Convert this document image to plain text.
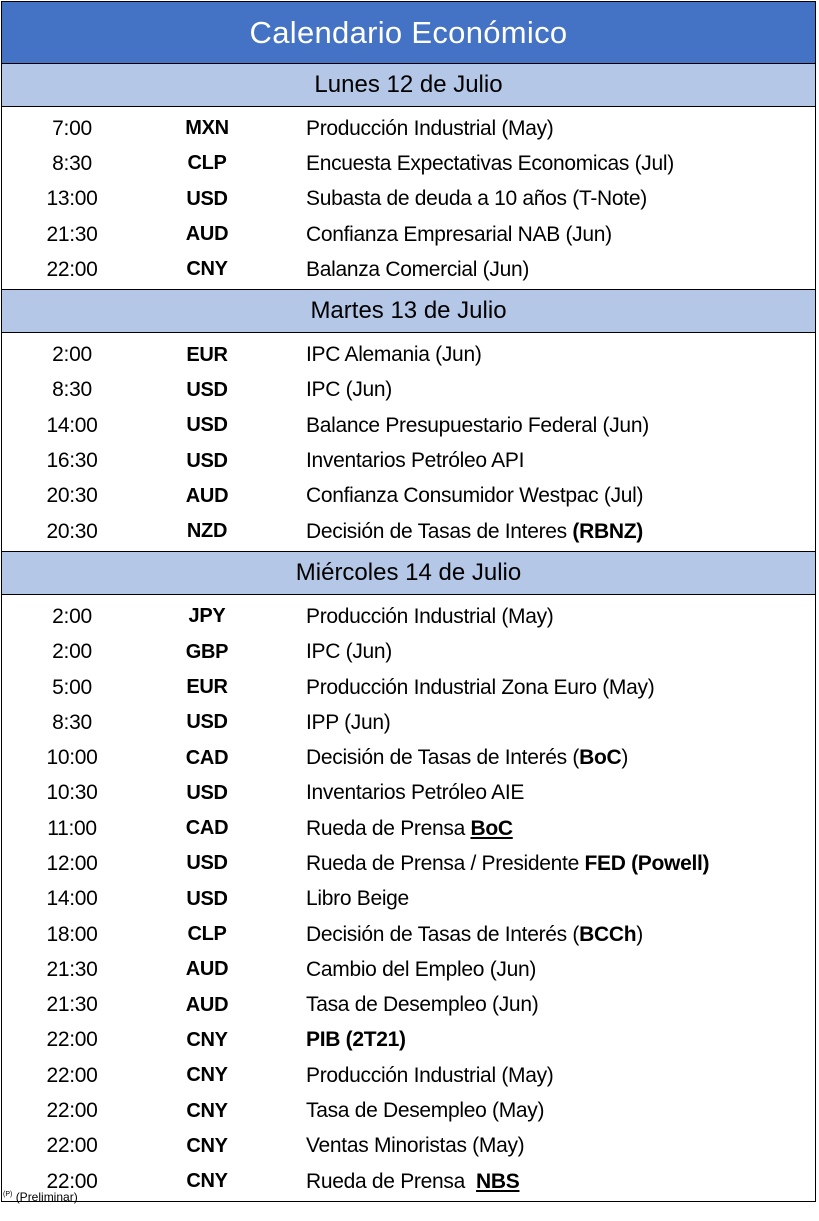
Calendario Económico
Lunes 12 de Julio
7:00	MXN	Producción Industrial (May)
8:30	CLP	Encuesta Expectativas Economicas (Jul)
13:00	USD	Subasta de deuda a 10 años (T-Note)
21:30	AUD	Confianza Empresarial NAB (Jun)
22:00	CNY	Balanza Comercial (Jun)
Martes 13 de Julio
2:00	EUR	IPC Alemania (Jun)
8:30	USD	IPC (Jun)
14:00	USD	Balance Presupuestario Federal (Jun)
16:30	USD	Inventarios Petróleo API
20:30	AUD	Confianza Consumidor Westpac (Jul)
20:30	NZD	Decisión de Tasas de Interes (RBNZ)
Miércoles 14 de Julio
2:00	JPY	Producción Industrial (May)
2:00	GBP	IPC (Jun)
5:00	EUR	Producción Industrial Zona Euro (May)
8:30	USD	IPP (Jun)
10:00	CAD	Decisión de Tasas de Interés (BoC)
10:30	USD	Inventarios Petróleo AIE
11:00	CAD	Rueda de Prensa BoC
12:00	USD	Rueda de Prensa / Presidente FED (Powell)
14:00	USD	Libro Beige
18:00	CLP	Decisión de Tasas de Interés (BCCh)
21:30	AUD	Cambio del Empleo (Jun)
21:30	AUD	Tasa de Desempleo (Jun)
22:00	CNY	PIB (2T21)
22:00	CNY	Producción Industrial (May)
22:00	CNY	Tasa de Desempleo (May)
22:00	CNY	Ventas Minoristas (May)
22:00	CNY	Rueda de Prensa  NBS
$^{(P)}$ (Preliminar)
